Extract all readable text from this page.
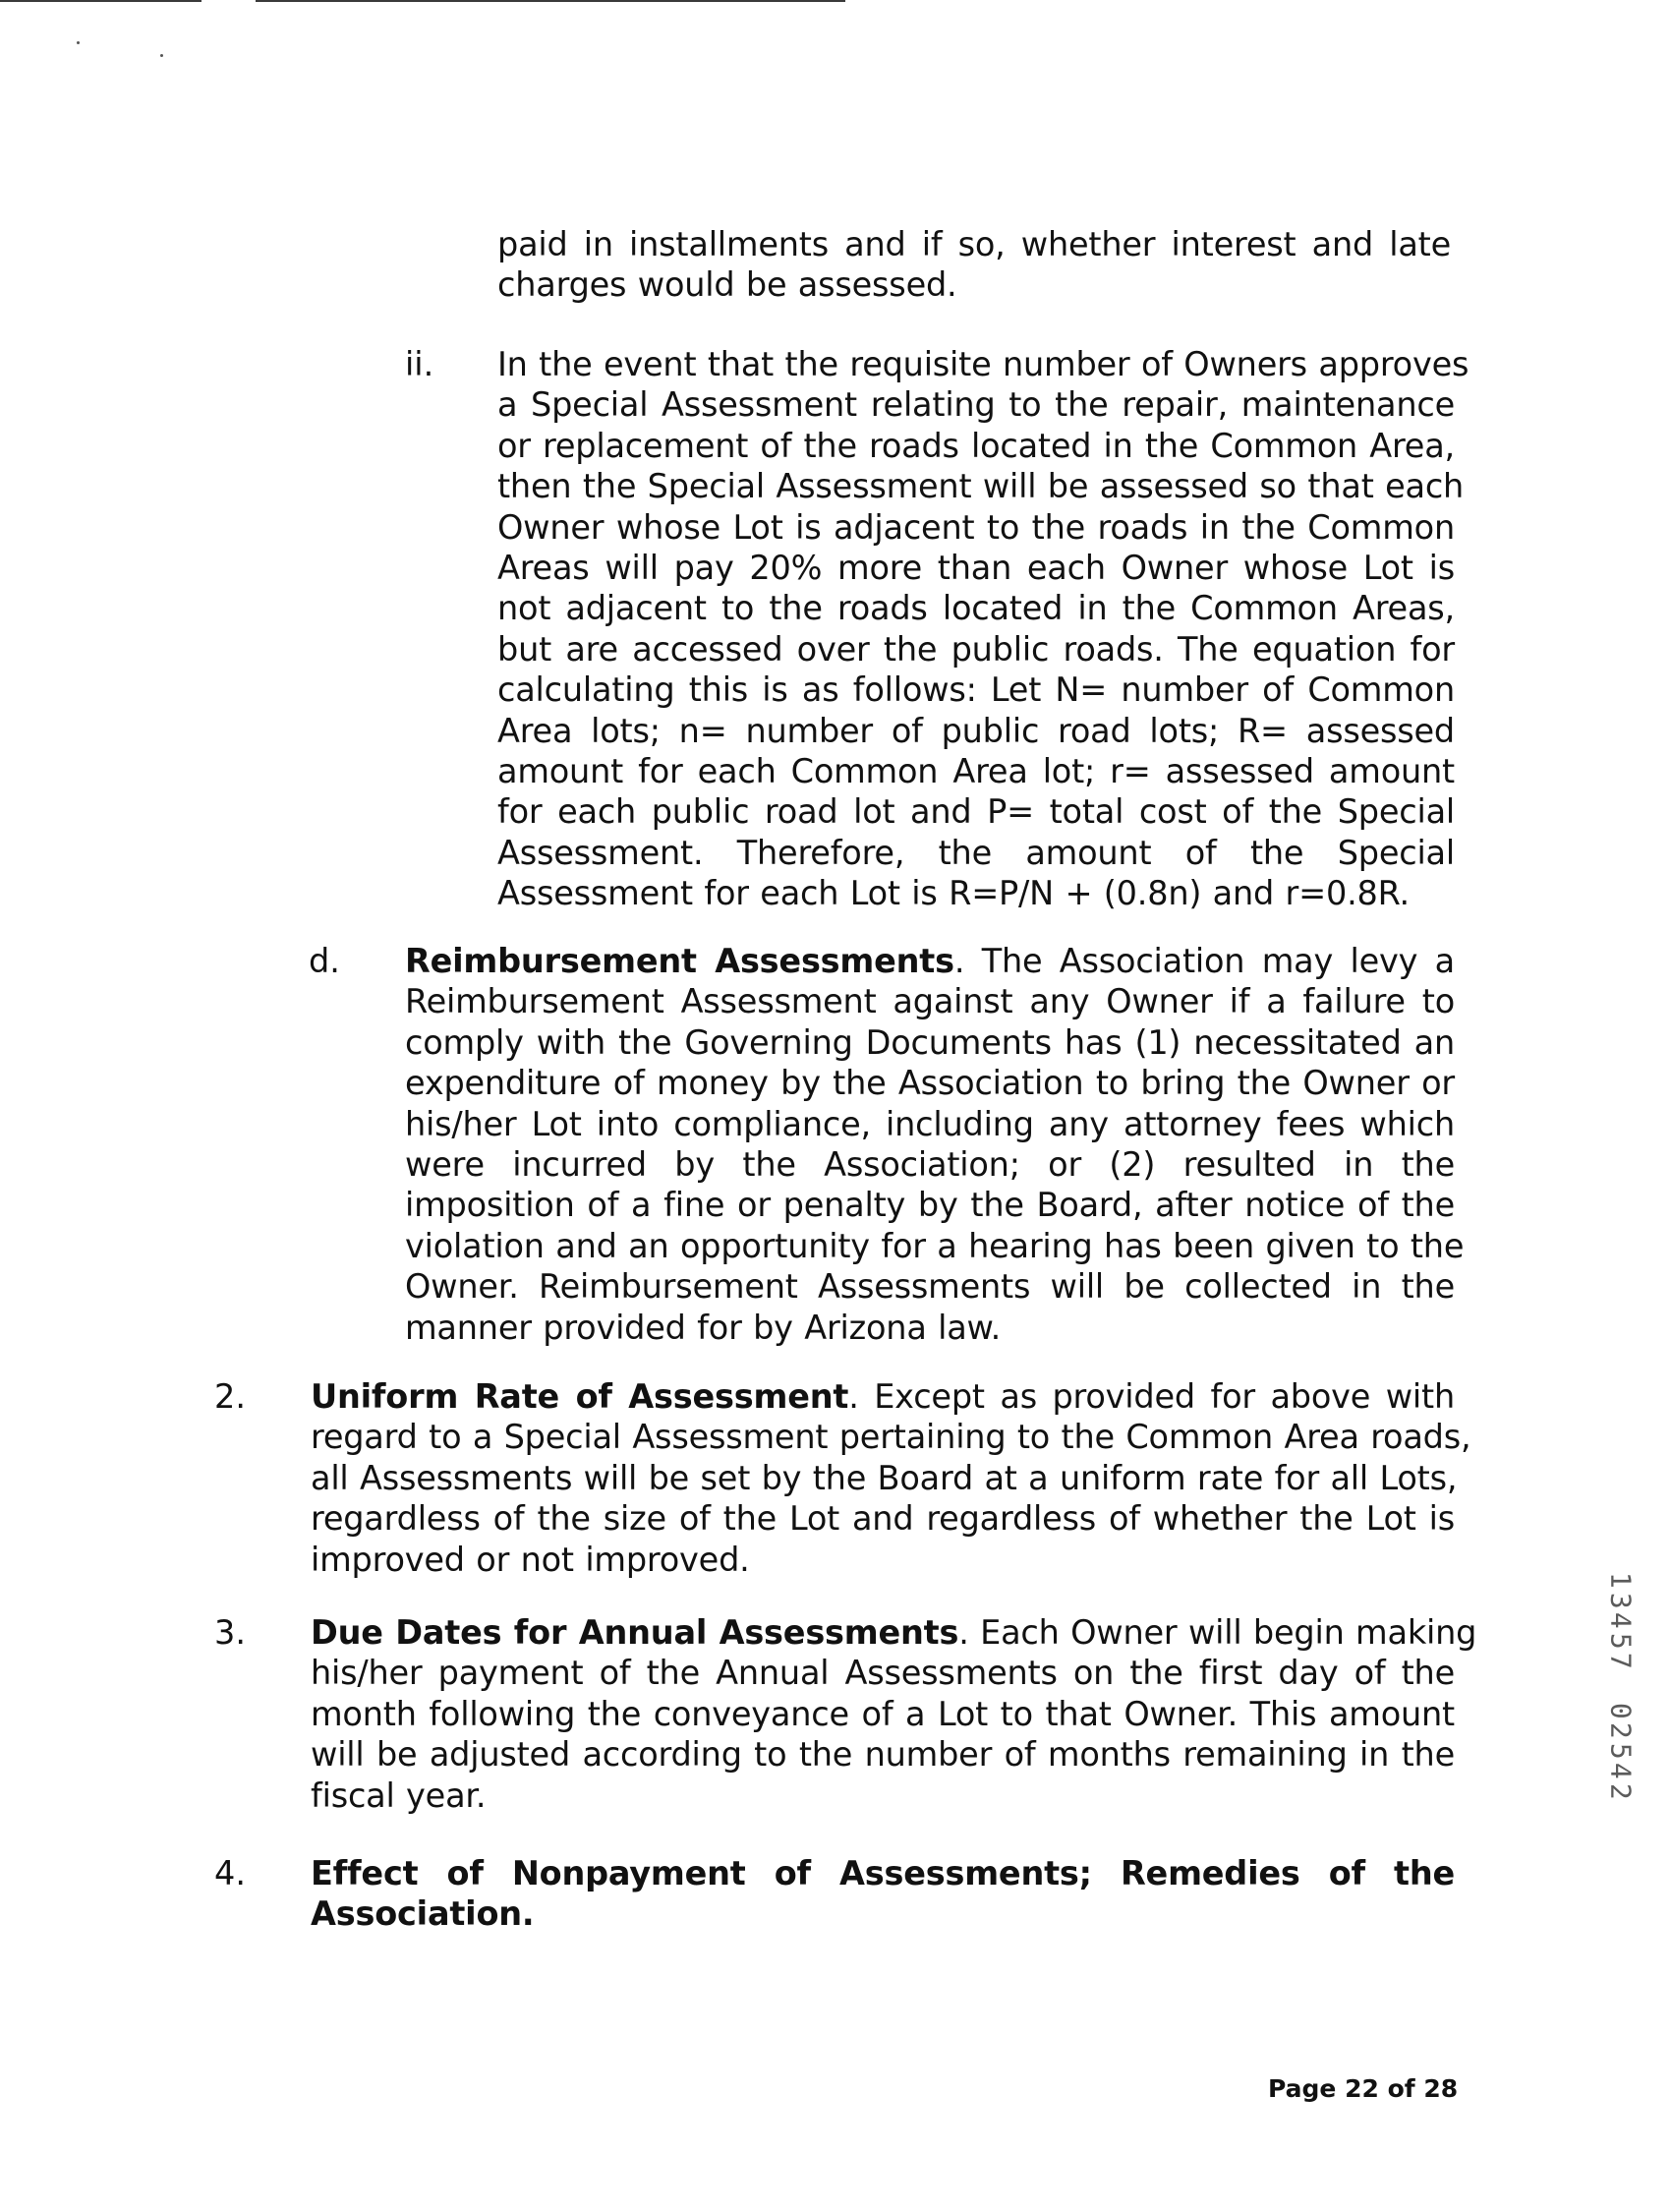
paid in installments and if so, whether interest and late
charges would be assessed.
ii. In the event that the requisite number of Owners approves
a Special Assessment relating to the repair, maintenance
or replacement of the roads located in the Common Area,
then the Special Assessment will be assessed so that each
Owner whose Lot is adjacent to the roads in the Common
Areas will pay 20% more than each Owner whose Lot is
not adjacent to the roads located in the Common Areas,
but are accessed over the public roads. The equation for
calculating this is as follows: Let N= number of Common
Area lots; n= number of public road lots; R= assessed
amount for each Common Area lot; r= assessed amount
for each public road lot and P= total cost of the Special
Assessment. Therefore, the amount of the Special
Assessment for each Lot is R=P/N + (0.8n) and r=0.8R.
d. Reimbursement Assessments. The Association may levy a
Reimbursement Assessment against any Owner if a failure to
comply with the Governing Documents has (1) necessitated an
expenditure of money by the Association to bring the Owner or
his/her Lot into compliance, including any attorney fees which
were incurred by the Association; or (2) resulted in the
imposition of a fine or penalty by the Board, after notice of the
violation and an opportunity for a hearing has been given to the
Owner. Reimbursement Assessments will be collected in the
manner provided for by Arizona law.
2. Uniform Rate of Assessment. Except as provided for above with
regard to a Special Assessment pertaining to the Common Area roads,
all Assessments will be set by the Board at a uniform rate for all Lots,
regardless of the size of the Lot and regardless of whether the Lot is
improved or not improved.
3. Due Dates for Annual Assessments. Each Owner will begin making
his/her payment of the Annual Assessments on the first day of the
month following the conveyance of a Lot to that Owner. This amount
will be adjusted according to the number of months remaining in the
fiscal year.
4. Effect of Nonpayment of Assessments; Remedies of the
Association.
1
3
4
5
7
0
2
5
4
2
Page 22 of 28
